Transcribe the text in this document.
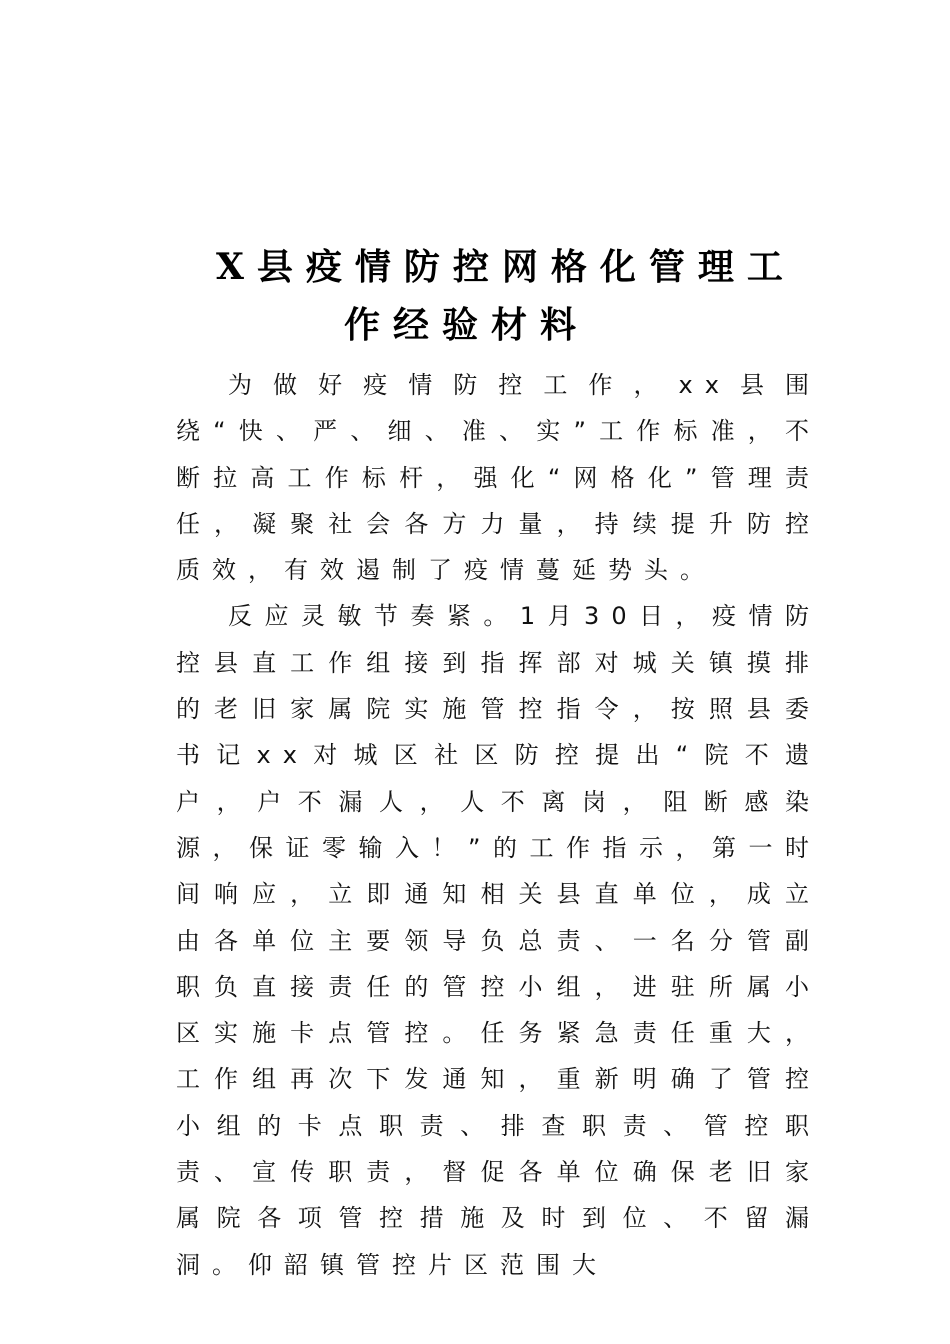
X县疫情防控网格化管理工
作经验材料

为做好疫情防控工作，xx县围绕“快、严、细、准、实”工作标准，不断拉高工作标杆，强化“网格化”管理责任，凝聚社会各方力量，持续提升防控质效，有效遏制了疫情蔓延势头。

反应灵敏节奏紧。1月30日，疫情防控县直工作组接到指挥部对城关镇摸排的老旧家属院实施管控指令，按照县委书记xx对城区社区防控提出“院不遗户，户不漏人，人不离岗，阻断感染源，保证零输入！”的工作指示，第一时间响应，立即通知相关县直单位，成立由各单位主要领导负总责、一名分管副职负直接责任的管控小组，进驻所属小区实施卡点管控。任务紧急责任重大，工作组再次下发通知，重新明确了管控小组的卡点职责、排查职责、管控职责、宣传职责，督促各单位确保老旧家属院各项管控措施及时到位、不留漏洞。仰韶镇管控片区范围大
